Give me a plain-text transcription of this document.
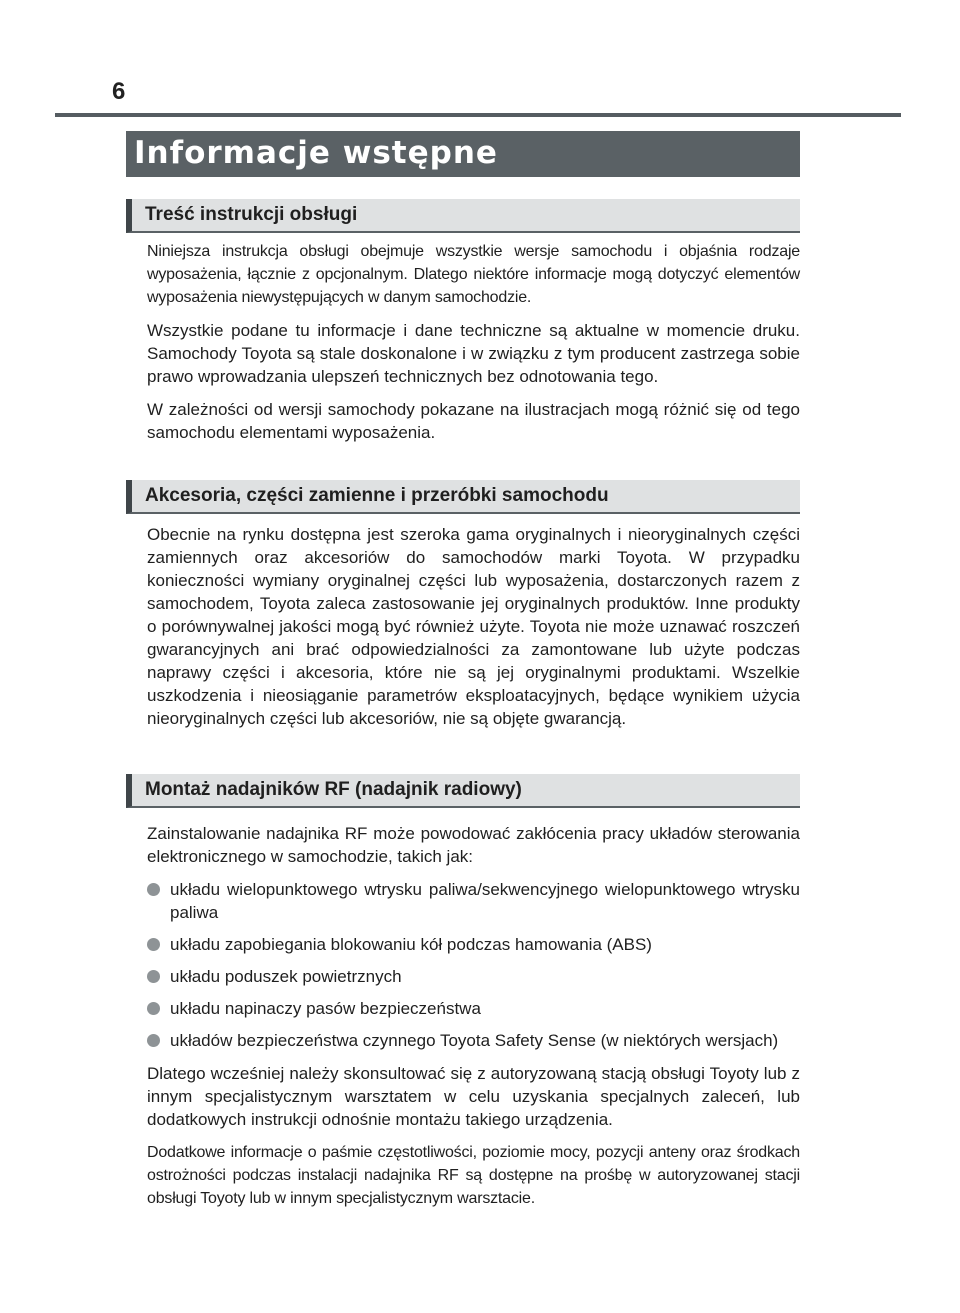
6
Informacje wstępne
Treść instrukcji obsługi

Niniejsza instrukcja obsługi obejmuje wszystkie wersje samochodu i objaśnia rodzaje wyposażenia, łącznie z opcjonalnym. Dlatego niektóre informacje mogą dotyczyć elementów wyposażenia niewystępujących w danym samochodzie.

Wszystkie podane tu informacje i dane techniczne są aktualne w momencie druku. Samochody Toyota są stale doskonalone i w związku z tym producent zastrzega sobie prawo wprowadzania ulepszeń technicznych bez odnotowania tego.

W zależności od wersji samochody pokazane na ilustracjach mogą różnić się od tego samochodu elementami wyposażenia.

Akcesoria, części zamienne i przeróbki samochodu

Obecnie na rynku dostępna jest szeroka gama oryginalnych i nieoryginalnych części zamiennych oraz akcesoriów do samochodów marki Toyota. W przypadku konieczności wymiany oryginalnej części lub wyposażenia, dostarczonych razem z samochodem, Toyota zaleca zastosowanie jej oryginalnych produktów. Inne produkty o porównywalnej jakości mogą być również użyte. Toyota nie może uznawać roszczeń gwarancyjnych ani brać odpowiedzialności za zamontowane lub użyte podczas naprawy części i akcesoria, które nie są jej oryginalnymi produktami. Wszelkie uszkodzenia i nieosiąganie parametrów eksploatacyjnych, będące wynikiem użycia nieoryginalnych części lub akcesoriów, nie są objęte gwarancją.

Montaż nadajników RF (nadajnik radiowy)

Zainstalowanie nadajnika RF może powodować zakłócenia pracy układów sterowania elektronicznego w samochodzie, takich jak:

układu wielopunktowego wtrysku paliwa/sekwencyjnego wielopunktowego wtrysku paliwa
układu zapobiegania blokowaniu kół podczas hamowania (ABS)
układu poduszek powietrznych
układu napinaczy pasów bezpieczeństwa
układów bezpieczeństwa czynnego Toyota Safety Sense (w niektórych wersjach)

Dlatego wcześniej należy skonsultować się z autoryzowaną stacją obsługi Toyoty lub z innym specjalistycznym warsztatem w celu uzyskania specjalnych zaleceń, lub dodatkowych instrukcji odnośnie montażu takiego urządzenia.

Dodatkowe informacje o paśmie częstotliwości, poziomie mocy, pozycji anteny oraz środkach ostrożności podczas instalacji nadajnika RF są dostępne na prośbę w autoryzowanej stacji obsługi Toyoty lub w innym specjalistycznym warsztacie.
